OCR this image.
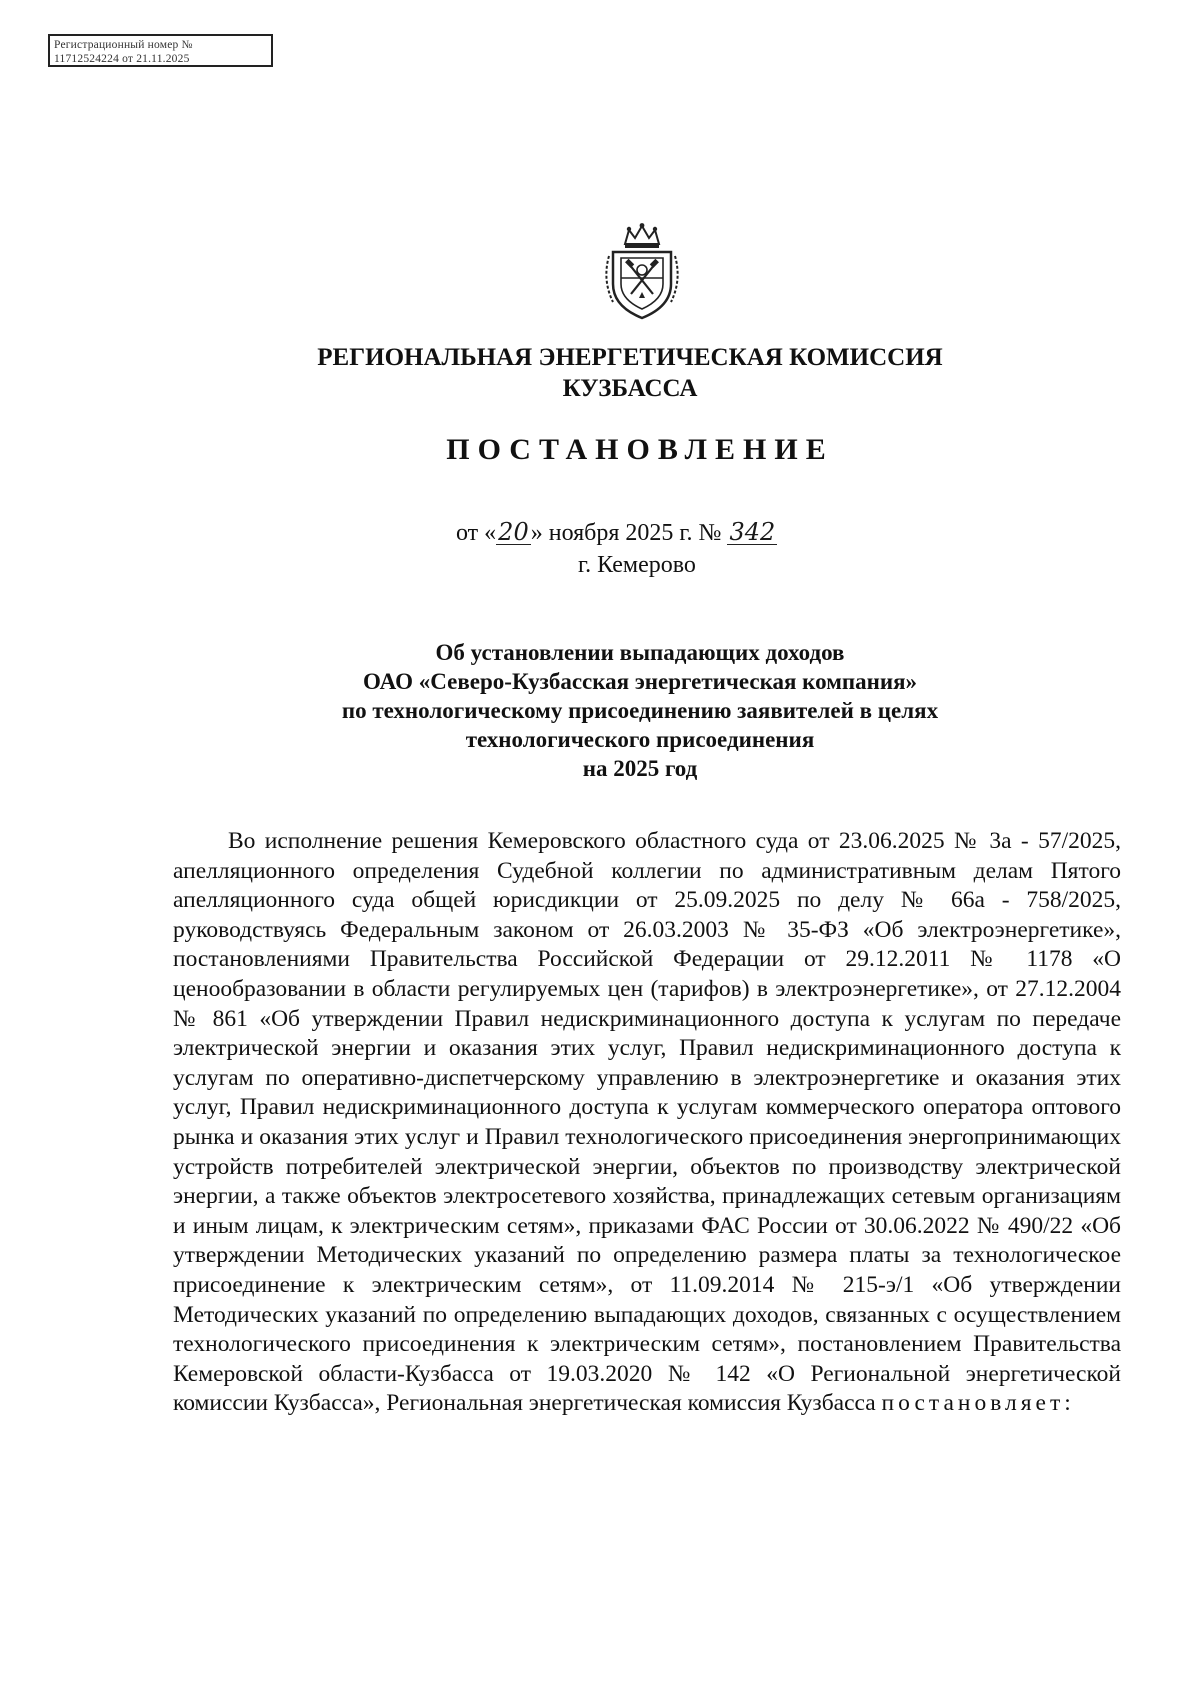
Регистрационный номер №
11712524224 от 21.11.2025
РЕГИОНАЛЬНАЯ ЭНЕРГЕТИЧЕСКАЯ КОМИССИЯ
КУЗБАССА
ПОСТАНОВЛЕНИЕ
от «20» ноября 2025 г. № 342
г. Кемерово
Об установлении выпадающих доходов
ОАО «Северо-Кузбасская энергетическая компания»
по технологическому присоединению заявителей в целях
технологического присоединения
на 2025 год
Во исполнение решения Кемеровского областного суда от 23.06.2025 № 3а - 57/2025, апелляционного определения Судебной коллегии по административным делам Пятого апелляционного суда общей юрисдикции от 25.09.2025 по делу № 66а - 758/2025, руководствуясь Федеральным законом от 26.03.2003 № 35-ФЗ «Об электроэнергетике», постановлениями Правительства Российской Федерации от 29.12.2011 № 1178 «О ценообразовании в области регулируемых цен (тарифов) в электроэнергетике», от 27.12.2004 № 861 «Об утверждении Правил недискриминационного доступа к услугам по передаче электрической энергии и оказания этих услуг, Правил недискриминационного доступа к услугам по оперативно-диспетчерскому управлению в электроэнергетике и оказания этих услуг, Правил недискриминационного доступа к услугам коммерческого оператора оптового рынка и оказания этих услуг и Правил технологического присоединения энергопринимающих устройств потребителей электрической энергии, объектов по производству электрической энергии, а также объектов электросетевого хозяйства, принадлежащих сетевым организациям и иным лицам, к электрическим сетям», приказами ФАС России от 30.06.2022 № 490/22 «Об утверждении Методических указаний по определению размера платы за технологическое присоединение к электрическим сетям», от 11.09.2014 № 215-э/1 «Об утверждении Методических указаний по определению выпадающих доходов, связанных с осуществлением технологического присоединения к электрическим сетям», постановлением Правительства Кемеровской области-Кузбасса от 19.03.2020 № 142 «О Региональной энергетической комиссии Кузбасса», Региональная энергетическая комиссия Кузбасса постановляет:
